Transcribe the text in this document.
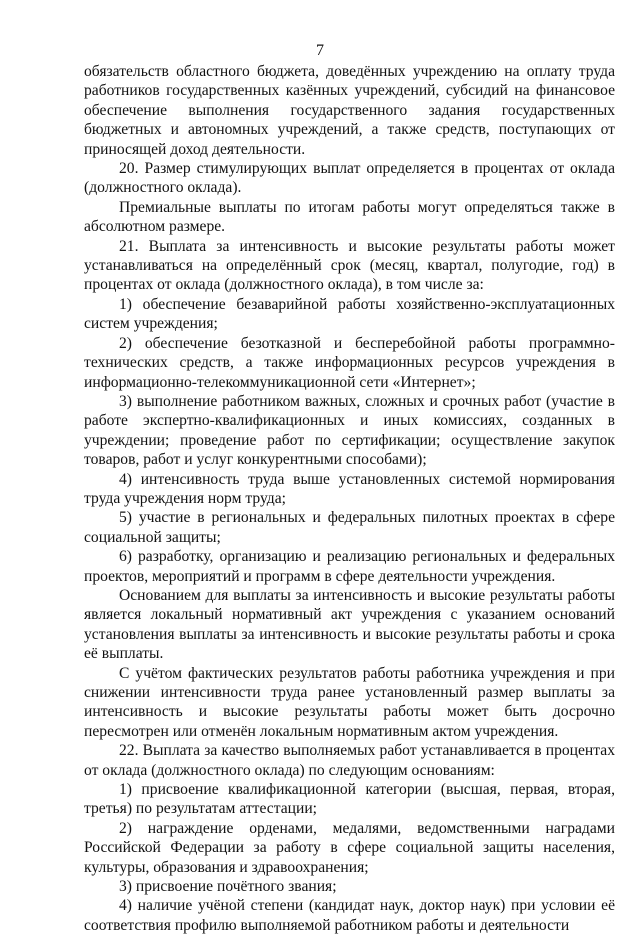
7

обязательств областного бюджета, доведённых учреждению на оплату труда работников государственных казённых учреждений, субсидий на финансовое обеспечение выполнения государственного задания государственных бюджетных и автономных учреждений, а также средств, поступающих от приносящей доход деятельности.

20. Размер стимулирующих выплат определяется в процентах от оклада (должностного оклада).

Премиальные выплаты по итогам работы могут определяться также в абсолютном размере.

21. Выплата за интенсивность и высокие результаты работы может устанавливаться на определённый срок (месяц, квартал, полугодие, год) в процентах от оклада (должностного оклада), в том числе за:

1) обеспечение безаварийной работы хозяйственно-эксплуатационных систем учреждения;

2) обеспечение безотказной и бесперебойной работы программно-технических средств, а также информационных ресурсов учреждения в информационно-телекоммуникационной сети «Интернет»;

3) выполнение работником важных, сложных и срочных работ (участие в работе экспертно-квалификационных и иных комиссиях, созданных в учреждении; проведение работ по сертификации; осуществление закупок товаров, работ и услуг конкурентными способами);

4) интенсивность труда выше установленных системой нормирования труда учреждения норм труда;

5) участие в региональных и федеральных пилотных проектах в сфере социальной защиты;

6) разработку, организацию и реализацию региональных и федеральных проектов, мероприятий и программ в сфере деятельности учреждения.

Основанием для выплаты за интенсивность и высокие результаты работы является локальный нормативный акт учреждения с указанием оснований установления выплаты за интенсивность и высокие результаты работы и срока её выплаты.

С учётом фактических результатов работы работника учреждения и при снижении интенсивности труда ранее установленный размер выплаты за интенсивность и высокие результаты работы может быть досрочно пересмотрен или отменён локальным нормативным актом учреждения.

22. Выплата за качество выполняемых работ устанавливается в процентах от оклада (должностного оклада) по следующим основаниям:

1) присвоение квалификационной категории (высшая, первая, вторая, третья) по результатам аттестации;

2) награждение орденами, медалями, ведомственными наградами Российской Федерации за работу в сфере социальной защиты населения, культуры, образования и здравоохранения;

3) присвоение почётного звания;

4) наличие учёной степени (кандидат наук, доктор наук) при условии её соответствия профилю выполняемой работником работы и деятельности
